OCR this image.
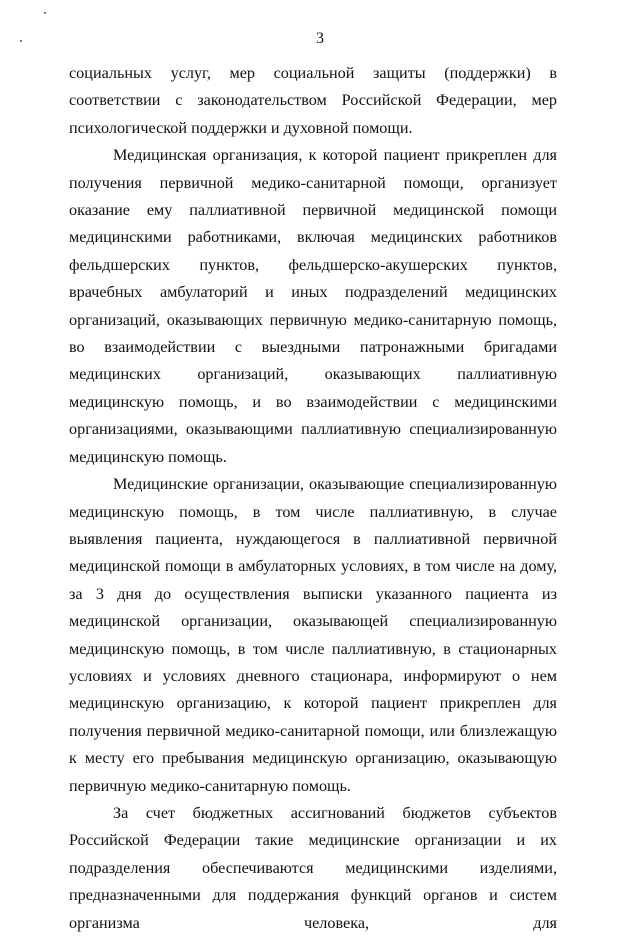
3

социальных услуг, мер социальной защиты (поддержки) в соответствии с законодательством Российской Федерации, мер психологической поддержки и духовной помощи.

Медицинская организация, к которой пациент прикреплен для получения первичной медико-санитарной помощи, организует оказание ему паллиативной первичной медицинской помощи медицинскими работниками, включая медицинских работников фельдшерских пунктов, фельдшерско-акушерских пунктов, врачебных амбулаторий и иных подразделений медицинских организаций, оказывающих первичную медико-санитарную помощь, во взаимодействии с выездными патронажными бригадами медицинских организаций, оказывающих паллиативную медицинскую помощь, и во взаимодействии с медицинскими организациями, оказывающими паллиативную специализированную медицинскую помощь.

Медицинские организации, оказывающие специализированную медицинскую помощь, в том числе паллиативную, в случае выявления пациента, нуждающегося в паллиативной первичной медицинской помощи в амбулаторных условиях, в том числе на дому, за 3 дня до осуществления выписки указанного пациента из медицинской организации, оказывающей специализированную медицинскую помощь, в том числе паллиативную, в стационарных условиях и условиях дневного стационара, информируют о нем медицинскую организацию, к которой пациент прикреплен для получения первичной медико-санитарной помощи, или близлежащую к месту его пребывания медицинскую организацию, оказывающую первичную медико-санитарную помощь.

За счет бюджетных ассигнований бюджетов субъектов Российской Федерации такие медицинские организации и их подразделения обеспечиваются медицинскими изделиями, предназначенными для поддержания функций органов и систем организма человека, для
